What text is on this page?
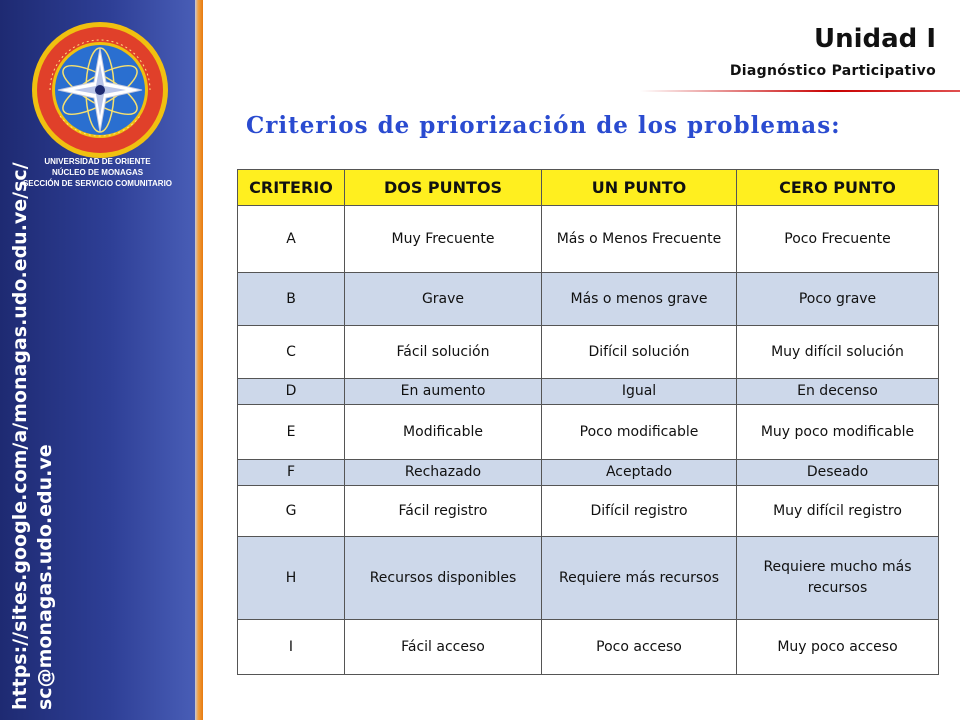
UNIVERSIDAD DE ORIENTE
NÚCLEO DE MONAGAS
SECCIÓN DE SERVICIO COMUNITARIO
https://sites.google.com/a/monagas.udo.edu.ve/sc/ sc@monagas.udo.edu.ve
Unidad I
Diagnóstico Participativo
Criterios de priorización de los problemas:
CRITERIO	DOS PUNTOS	UN PUNTO	CERO PUNTO
A	Muy Frecuente	Más o Menos Frecuente	Poco Frecuente
B	Grave	Más o menos grave	Poco grave
C	Fácil solución	Difícil solución	Muy difícil solución
D	En aumento	Igual	En decenso
E	Modificable	Poco modificable	Muy poco modificable
F	Rechazado	Aceptado	Deseado
G	Fácil registro	Difícil registro	Muy difícil registro
H	Recursos disponibles	Requiere más recursos	Requiere mucho más recursos
I	Fácil acceso	Poco acceso	Muy poco acceso
